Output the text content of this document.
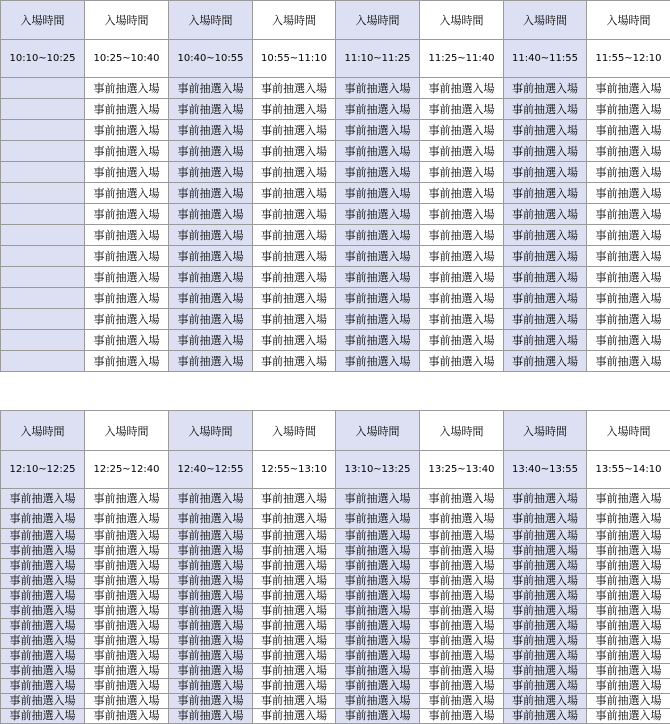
入場時間	入場時間	入場時間	入場時間	入場時間	入場時間	入場時間	入場時間
10:10~10:25	10:25~10:40	10:40~10:55	10:55~11:10	11:10~11:25	11:25~11:40	11:40~11:55	11:55~12:10
	事前抽選入場	事前抽選入場	事前抽選入場	事前抽選入場	事前抽選入場	事前抽選入場	事前抽選入場
	事前抽選入場	事前抽選入場	事前抽選入場	事前抽選入場	事前抽選入場	事前抽選入場	事前抽選入場
	事前抽選入場	事前抽選入場	事前抽選入場	事前抽選入場	事前抽選入場	事前抽選入場	事前抽選入場
	事前抽選入場	事前抽選入場	事前抽選入場	事前抽選入場	事前抽選入場	事前抽選入場	事前抽選入場
	事前抽選入場	事前抽選入場	事前抽選入場	事前抽選入場	事前抽選入場	事前抽選入場	事前抽選入場
	事前抽選入場	事前抽選入場	事前抽選入場	事前抽選入場	事前抽選入場	事前抽選入場	事前抽選入場
	事前抽選入場	事前抽選入場	事前抽選入場	事前抽選入場	事前抽選入場	事前抽選入場	事前抽選入場
	事前抽選入場	事前抽選入場	事前抽選入場	事前抽選入場	事前抽選入場	事前抽選入場	事前抽選入場
	事前抽選入場	事前抽選入場	事前抽選入場	事前抽選入場	事前抽選入場	事前抽選入場	事前抽選入場
	事前抽選入場	事前抽選入場	事前抽選入場	事前抽選入場	事前抽選入場	事前抽選入場	事前抽選入場
	事前抽選入場	事前抽選入場	事前抽選入場	事前抽選入場	事前抽選入場	事前抽選入場	事前抽選入場
	事前抽選入場	事前抽選入場	事前抽選入場	事前抽選入場	事前抽選入場	事前抽選入場	事前抽選入場
	事前抽選入場	事前抽選入場	事前抽選入場	事前抽選入場	事前抽選入場	事前抽選入場	事前抽選入場
	事前抽選入場	事前抽選入場	事前抽選入場	事前抽選入場	事前抽選入場	事前抽選入場	事前抽選入場
入場時間	入場時間	入場時間	入場時間	入場時間	入場時間	入場時間	入場時間
12:10~12:25	12:25~12:40	12:40~12:55	12:55~13:10	13:10~13:25	13:25~13:40	13:40~13:55	13:55~14:10
事前抽選入場	事前抽選入場	事前抽選入場	事前抽選入場	事前抽選入場	事前抽選入場	事前抽選入場	事前抽選入場
事前抽選入場	事前抽選入場	事前抽選入場	事前抽選入場	事前抽選入場	事前抽選入場	事前抽選入場	事前抽選入場
事前抽選入場	事前抽選入場	事前抽選入場	事前抽選入場	事前抽選入場	事前抽選入場	事前抽選入場	事前抽選入場
事前抽選入場	事前抽選入場	事前抽選入場	事前抽選入場	事前抽選入場	事前抽選入場	事前抽選入場	事前抽選入場
事前抽選入場	事前抽選入場	事前抽選入場	事前抽選入場	事前抽選入場	事前抽選入場	事前抽選入場	事前抽選入場
事前抽選入場	事前抽選入場	事前抽選入場	事前抽選入場	事前抽選入場	事前抽選入場	事前抽選入場	事前抽選入場
事前抽選入場	事前抽選入場	事前抽選入場	事前抽選入場	事前抽選入場	事前抽選入場	事前抽選入場	事前抽選入場
事前抽選入場	事前抽選入場	事前抽選入場	事前抽選入場	事前抽選入場	事前抽選入場	事前抽選入場	事前抽選入場
事前抽選入場	事前抽選入場	事前抽選入場	事前抽選入場	事前抽選入場	事前抽選入場	事前抽選入場	事前抽選入場
事前抽選入場	事前抽選入場	事前抽選入場	事前抽選入場	事前抽選入場	事前抽選入場	事前抽選入場	事前抽選入場
事前抽選入場	事前抽選入場	事前抽選入場	事前抽選入場	事前抽選入場	事前抽選入場	事前抽選入場	事前抽選入場
事前抽選入場	事前抽選入場	事前抽選入場	事前抽選入場	事前抽選入場	事前抽選入場	事前抽選入場	事前抽選入場
事前抽選入場	事前抽選入場	事前抽選入場	事前抽選入場	事前抽選入場	事前抽選入場	事前抽選入場	事前抽選入場
事前抽選入場	事前抽選入場	事前抽選入場	事前抽選入場	事前抽選入場	事前抽選入場	事前抽選入場	事前抽選入場
事前抽選入場	事前抽選入場	事前抽選入場	事前抽選入場	事前抽選入場	事前抽選入場	事前抽選入場	事前抽選入場
